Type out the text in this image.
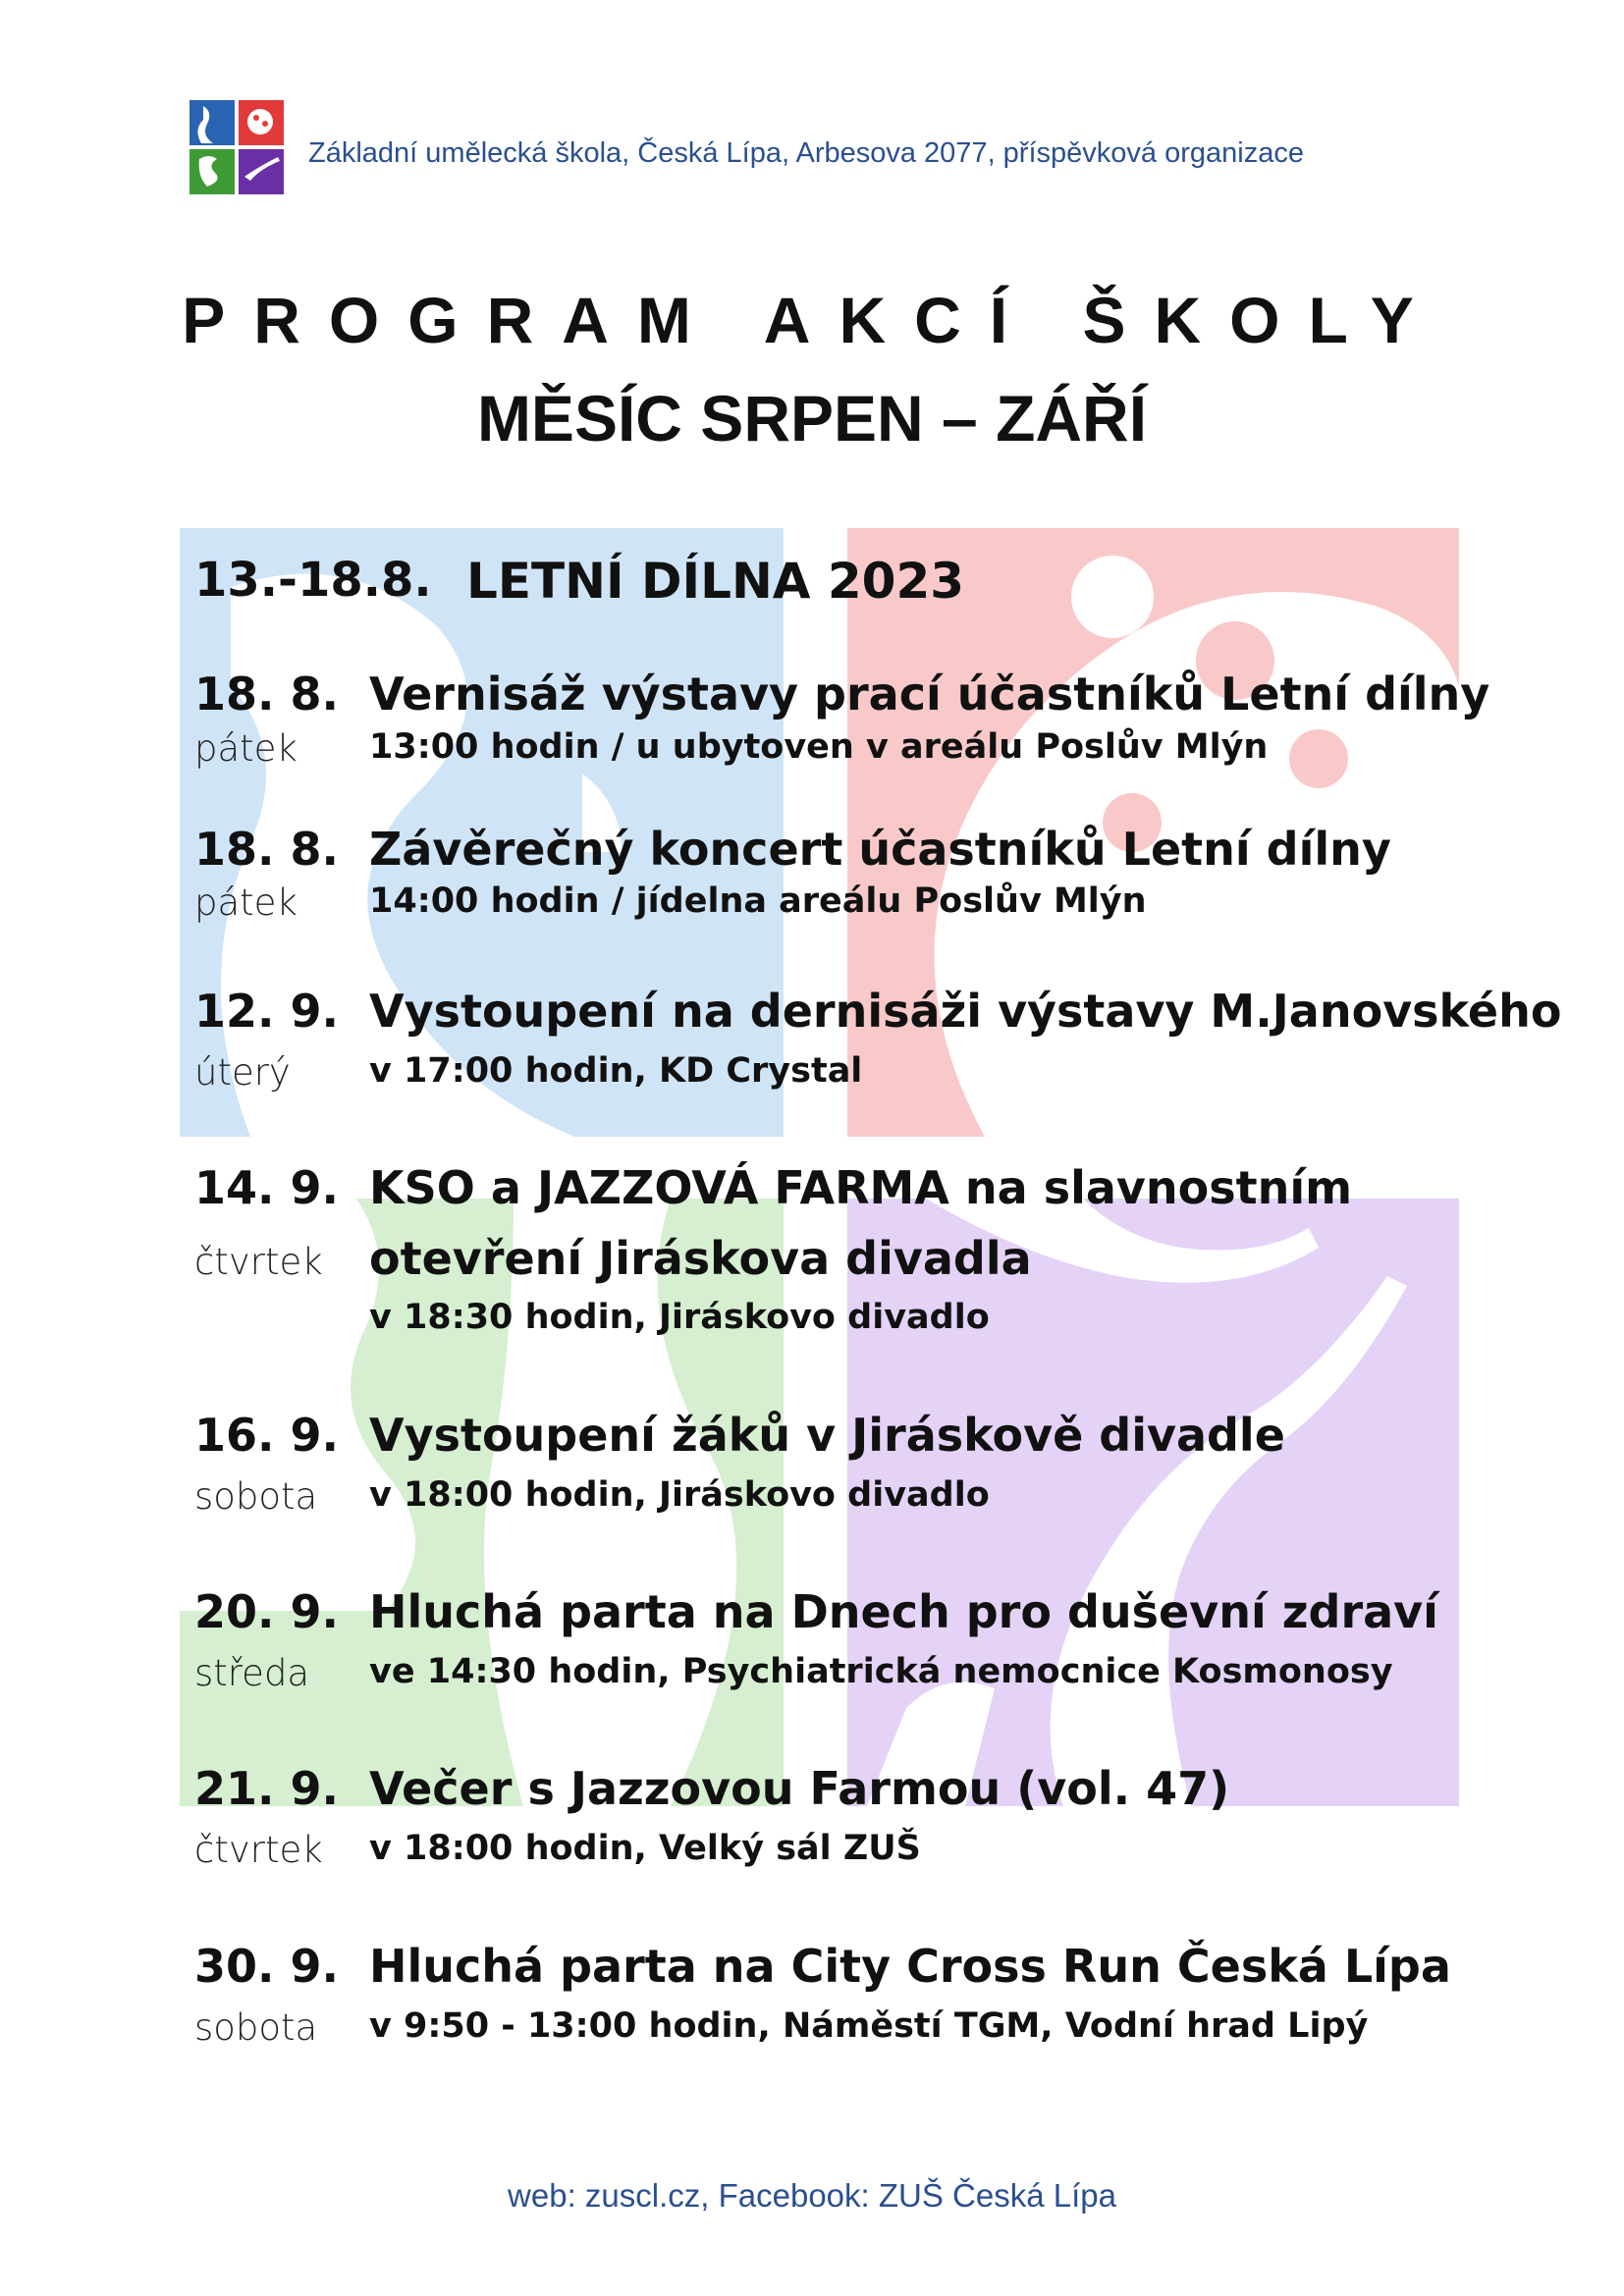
Základní umělecká škola, Česká Lípa, Arbesova 2077, příspěvková organizace
PROGRAM AKCÍ ŠKOLY
MĚSÍC SRPEN – ZÁŘÍ
13.-18.8. LETNÍ DÍLNA 2023
18. 8. Vernisáž výstavy prací účastníků Letní dílny
pátek 13:00 hodin / u ubytoven v areálu Poslův Mlýn
18. 8. Závěrečný koncert účastníků Letní dílny
pátek 14:00 hodin / jídelna areálu Poslův Mlýn
12. 9. Vystoupení na dernisáži výstavy M.Janovského
úterý v 17:00 hodin, KD Crystal
14. 9. KSO a JAZZOVÁ FARMA na slavnostním
čtvrtek otevření Jiráskova divadla
v 18:30 hodin, Jiráskovo divadlo
16. 9. Vystoupení žáků v Jiráskově divadle
sobota v 18:00 hodin, Jiráskovo divadlo
20. 9. Hluchá parta na Dnech pro duševní zdraví
středa ve 14:30 hodin, Psychiatrická nemocnice Kosmonosy
21. 9. Večer s Jazzovou Farmou (vol. 47)
čtvrtek v 18:00 hodin, Velký sál ZUŠ
30. 9. Hluchá parta na City Cross Run Česká Lípa
sobota v 9:50 - 13:00 hodin, Náměstí TGM, Vodní hrad Lipý
web: zuscl.cz, Facebook: ZUŠ Česká Lípa
